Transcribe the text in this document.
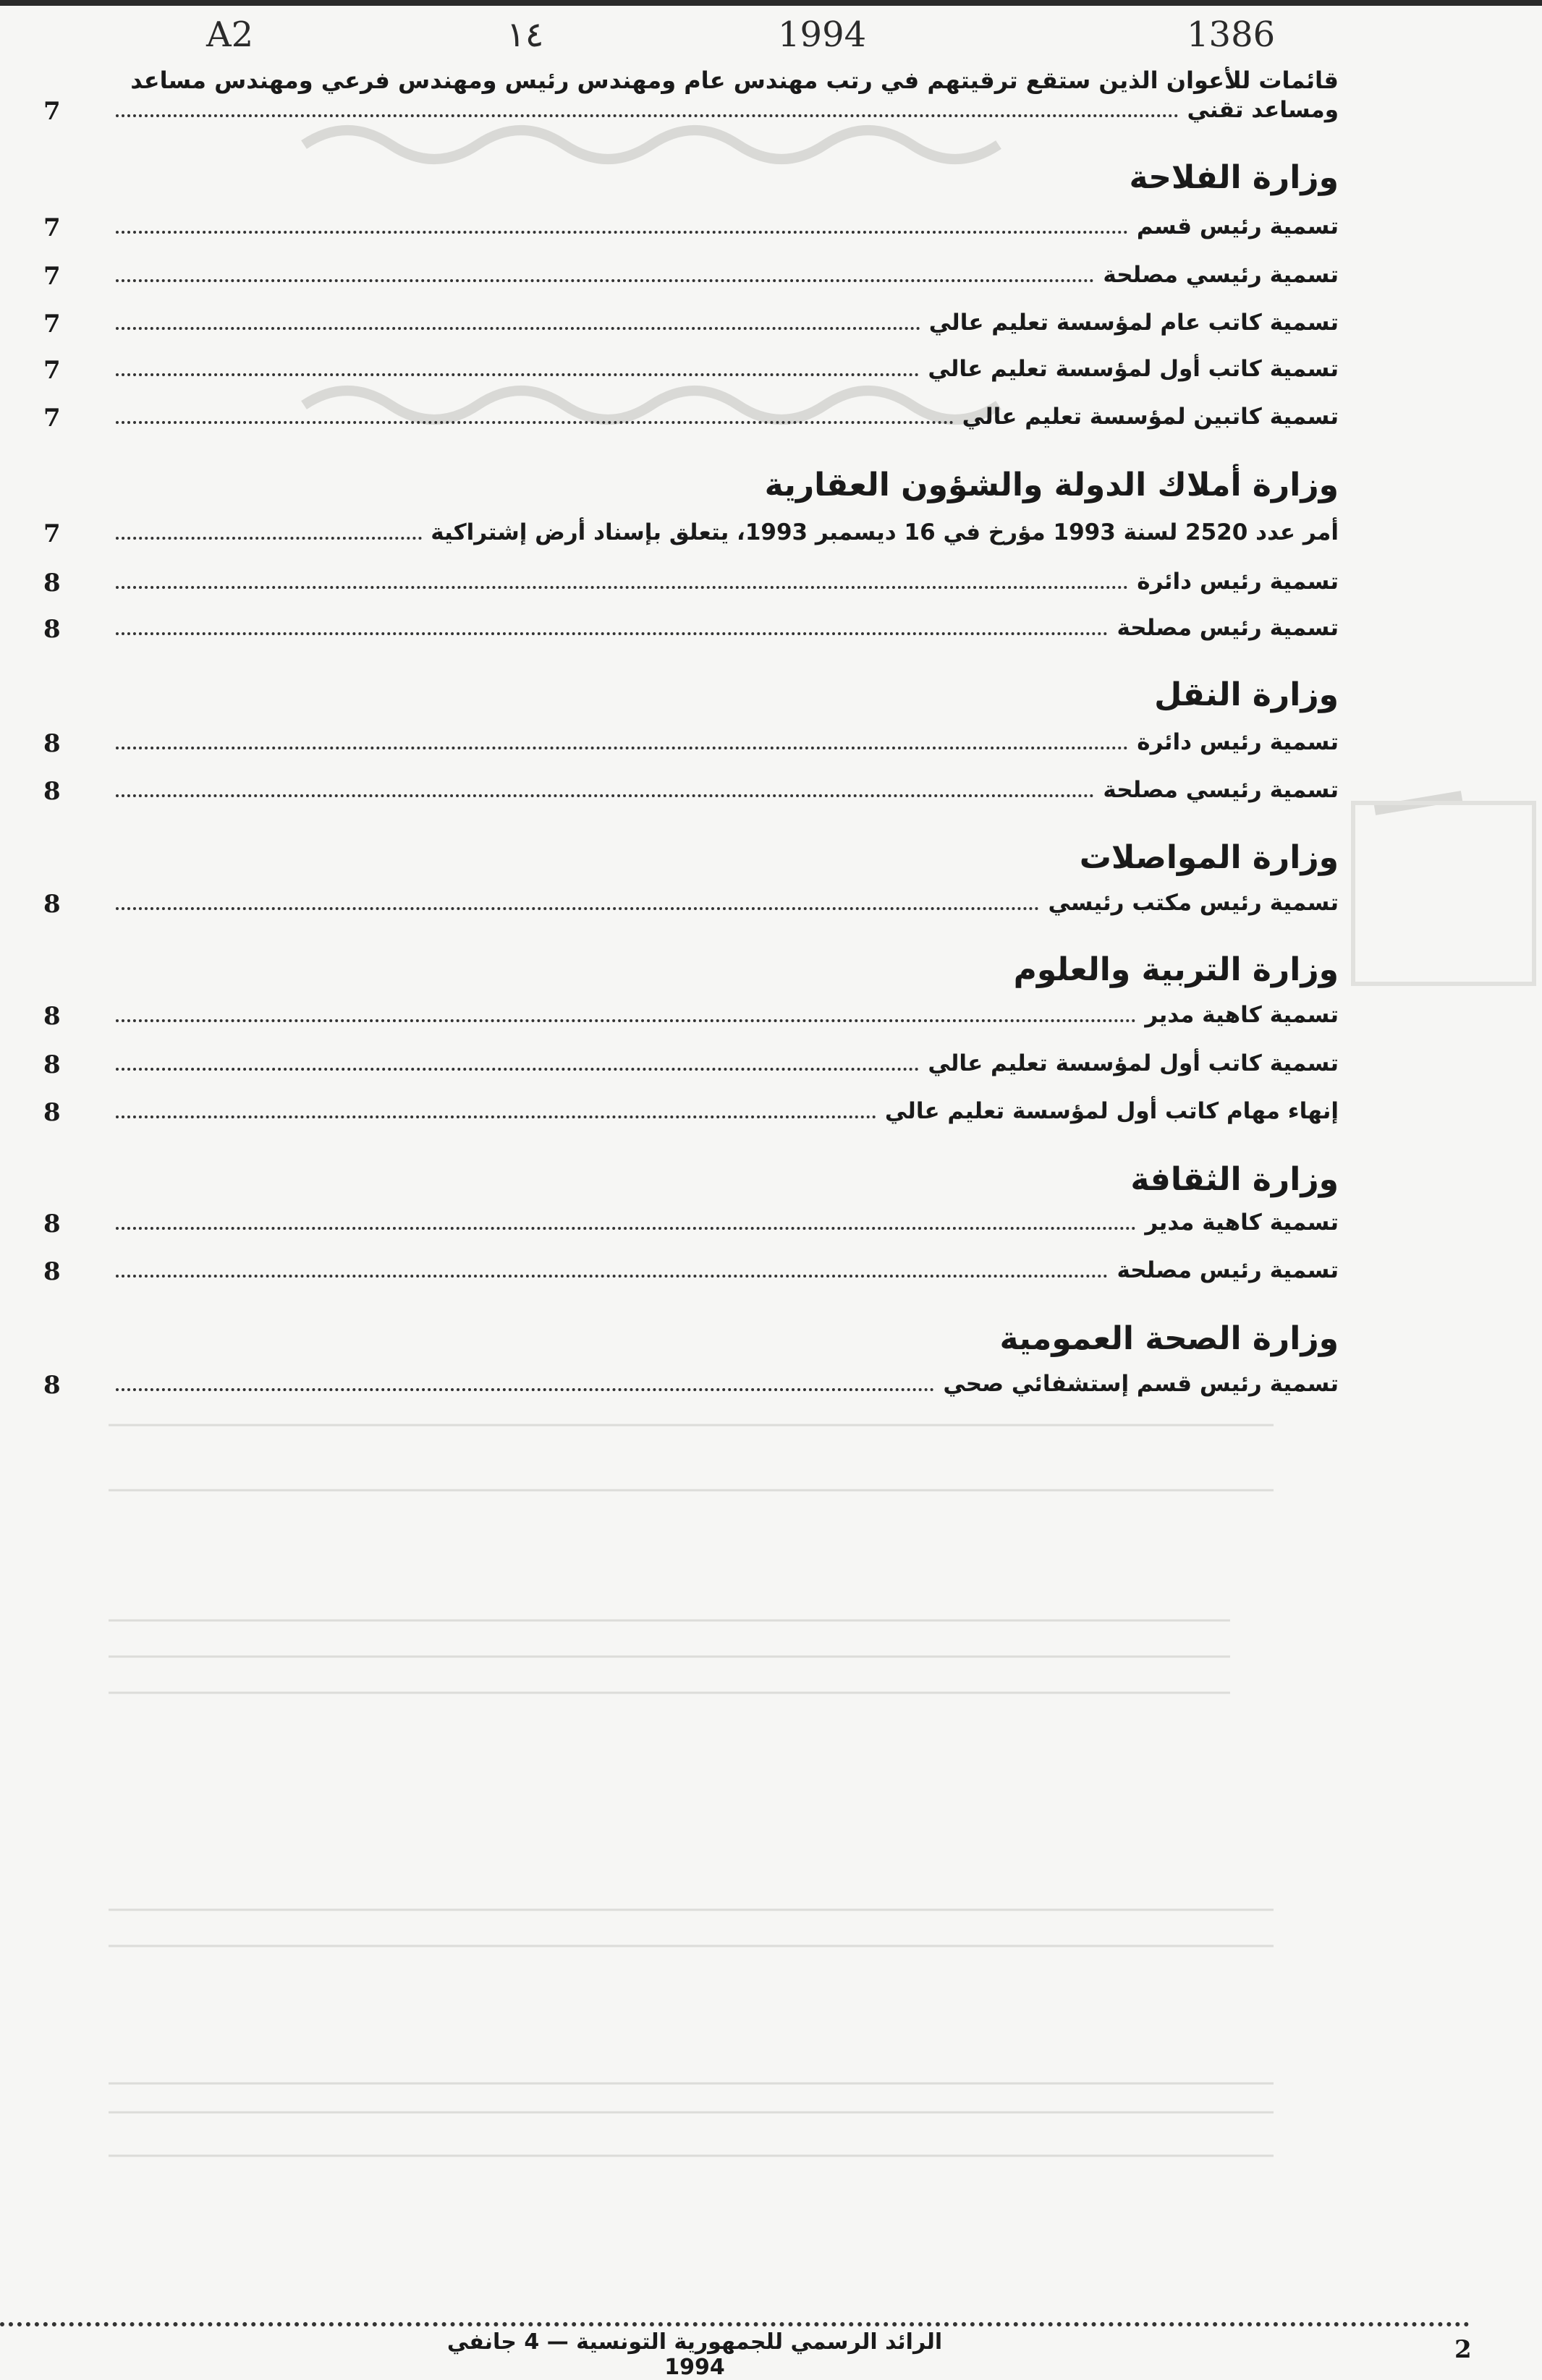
A2	١٤	1994	1386
قائمات للأعوان الذين ستقع ترقيتهم في رتب مهندس عام ومهندس رئيس ومهندس فرعي ومهندس مساعد
7	ومساعد تقني
وزارة الفلاحة
7	تسمية رئيس قسم
7	تسمية رئيسي مصلحة
7	تسمية كاتب عام لمؤسسة تعليم عالي
7	تسمية كاتب أول لمؤسسة تعليم عالي
7	تسمية كاتبين لمؤسسة تعليم عالي
وزارة أملاك الدولة والشؤون العقارية
7	أمر عدد 2520 لسنة 1993 مؤرخ في 16 ديسمبر 1993، يتعلق بإسناد أرض إشتراكية
8	تسمية رئيس دائرة
8	تسمية رئيس مصلحة
وزارة النقل
8	تسمية رئيس دائرة
8	تسمية رئيسي مصلحة
وزارة المواصلات
8	تسمية رئيس مكتب رئيسي
وزارة التربية والعلوم
8	تسمية كاهية مدير
8	تسمية كاتب أول لمؤسسة تعليم عالي
8	إنهاء مهام كاتب أول لمؤسسة تعليم عالي
وزارة الثقافة
8	تسمية كاهية مدير
8	تسمية رئيس مصلحة
وزارة الصحة العمومية
8	تسمية رئيس قسم إستشفائي صحي
2
الرائد الرسمي للجمهورية التونسية — 4 جانفي 1994
